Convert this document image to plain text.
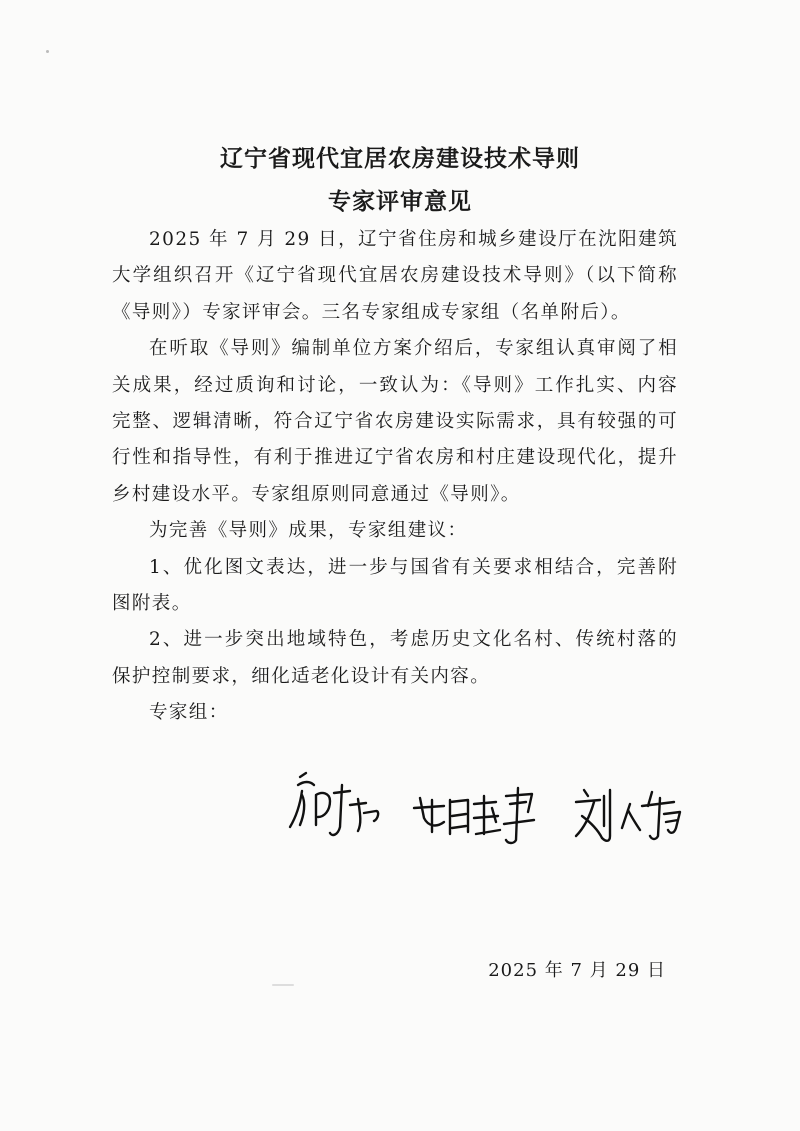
辽宁省现代宜居农房建设技术导则
专家评审意见

2025 年 7 月 29 日，辽宁省住房和城乡建设厅在沈阳建筑大学组织召开《辽宁省现代宜居农房建设技术导则》（以下简称《导则》）专家评审会。三名专家组成专家组（名单附后）。

在听取《导则》编制单位方案介绍后，专家组认真审阅了相关成果，经过质询和讨论，一致认为：《导则》工作扎实、内容完整、逻辑清晰，符合辽宁省农房建设实际需求，具有较强的可行性和指导性，有利于推进辽宁省农房和村庄建设现代化，提升乡村建设水平。专家组原则同意通过《导则》。

为完善《导则》成果，专家组建议：

1、优化图文表达，进一步与国省有关要求相结合，完善附图附表。

2、进一步突出地域特色，考虑历史文化名村、传统村落的保护控制要求，细化适老化设计有关内容。

专家组：

2025 年 7 月 29 日
